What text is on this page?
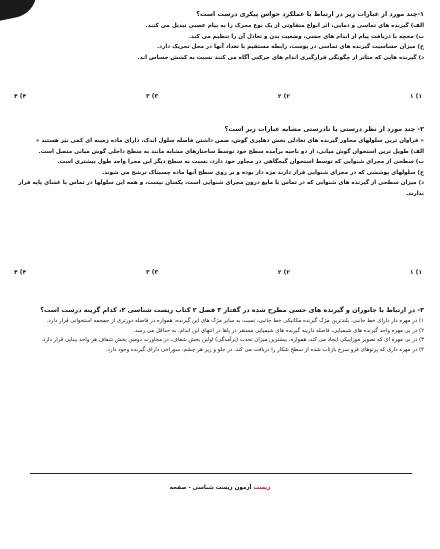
۱-چند مورد از عبارات زیر در ارتباط با عملکرد حواس پیکری درست است؟
الف) گیرنده های تماسی و دمایی، اثر انواع متفاوتی از یک نوع محرک را به پیام عصبی تبدیل می کنند.
ب) مخچه با دریافت پیام از اندام های حسی، وضعیت بدن و تعادل آن را تنظیم می کند.
ج) میزان حساسیت گیرنده های تماسی در پوست، رابطه مستقیم با تعداد آنها در محل تحریک دارد.
د) گیرنده هایی که متاثر از چگونگی قرارگیری اندام های حرکتی آگاه می کنند نسبت به کشش حساس اند.
۱) ۱
۲) ۲
۳) ۳
۴) ۴
۲- چند مورد از نظر درستی یا نادرستی مشابه عبارات زیر است؟
« فراوان ترین سلولهای مجاور گیرنده های تعادلی بخش دهلیزی گوش، ضمن داشتن فاصله سلول اندک، دارای ماده زمینه ای کمی نیز هستند »
الف) طویل ترین استخوان گوش میانی، از دو ناحیه برآمده سطح خود توسط ساختارهای مشابه مانند به سطح داخلی گوش میانی متصل است.
ب) سطحی از مجرای شنوایی که توسط استخوان گیجگاهی در مجاور خود دارد، نسبت به سطح دیگر این مجرا واجد طول بیشتری است.
ج) سلولهای پوششی که در مجرای شنوایی قرار دارند مژه دار بوده و بر روی سطح آنها ماده چسبناک ترشح می شوند.
د) میزان سطحی از گیرنده های شنوایی که در تماس با مایع درون مجرای شنوایی است، یکسان نیست، و همه این سلولها در تماس با غشای پایه قرار ندارند.
۱) ۱
۲) ۲
۳) ۳
۴) ۴
۳- در ارتباط با جانوران و گیرنده های حسی مطرح شده در گفتار ۳ فصل ۲ کتاب زیست شناسی ۲، کدام گزینه درست است؟
۱) در مهره دار دارای خط جانبی، بلندترین مژک گیرنده مکانیکی خط جانبی، نسبت به سایر مژک های این گیرنده، همواره در فاصله دورتری از جمجمه استخوانی قرار دارد.
۲) در بی مهره واجد گیرنده های شیمیایی، فاصله دارینه گیرنده های شیمیایی مستقر در پاها در انتهای این اندام، به حداقل می رسد.
۳) در بی مهره ای که تصویر موزاییکی ایجاد می کند، همواره، بیشترین میزان تحدب (برآمدگی) اولین بخش شفاف، در مجاورت دومین بخش شفاف هر واحد بینایی قرار دارد.
۴) در مهره داری که پرتوهای فرو سرخ بازتاب شده از سطح شکار را دریافت می کند، در جلو و زیر هر چشم، سوراخی دارای گیرنده وجود دارد.
زیست آزمون زیست شناسی - صفحه
